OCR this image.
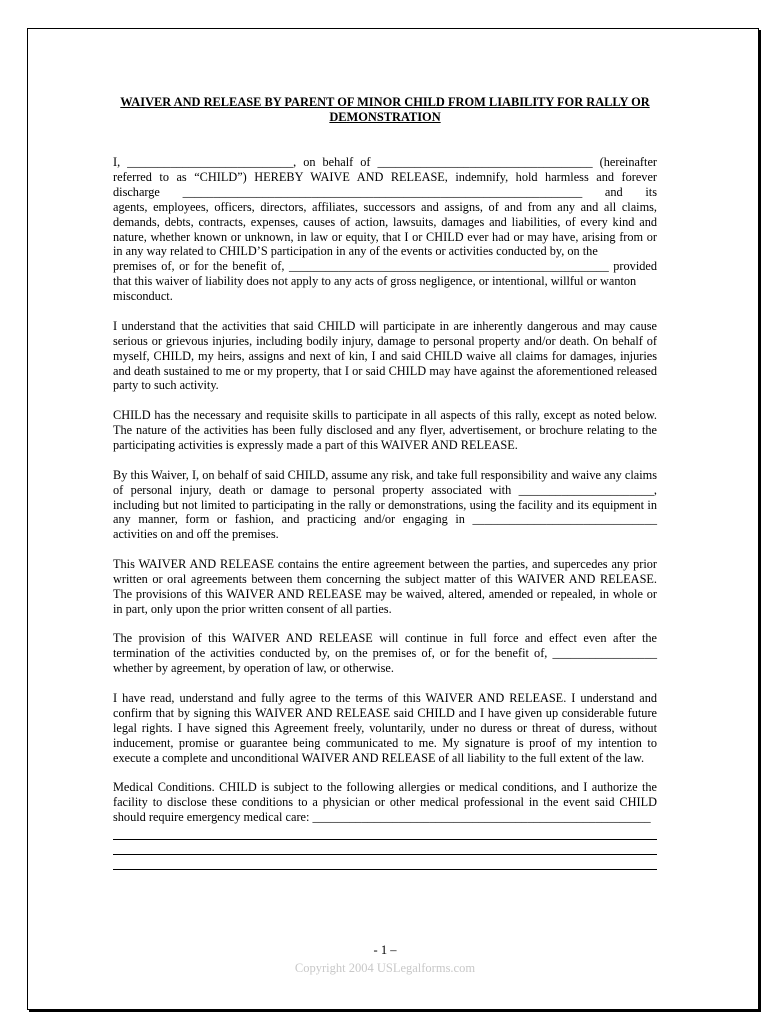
WAIVER AND RELEASE BY PARENT OF MINOR CHILD FROM LIABILITY FOR RALLY OR DEMONSTRATION

I, ___________________________, on behalf of ___________________________________ (hereinafter
referred to as “CHILD”) HEREBY WAIVE AND RELEASE, indemnify, hold harmless and forever
discharge _________________________________________________________________ and its
agents, employees, officers, directors, affiliates, successors and assigns, of and from any and all claims, demands, debts, contracts, expenses, causes of action, lawsuits, damages and liabilities, of every kind and nature, whether known or unknown, in law or equity, that I or CHILD ever had or may have, arising from or in any way related to CHILD’S participation in any of the events or activities conducted by, on the
premises of, or for the benefit of, ____________________________________________________ provided
that this waiver of liability does not apply to any acts of gross negligence, or intentional, willful or wanton misconduct.

I understand that the activities that said CHILD will participate in are inherently dangerous and may cause serious or grievous injuries, including bodily injury, damage to personal property and/or death. On behalf of myself, CHILD, my heirs, assigns and next of kin, I and said CHILD waive all claims for damages, injuries and death sustained to me or my property, that I or said CHILD may have against the aforementioned released party to such activity.

CHILD has the necessary and requisite skills to participate in all aspects of this rally, except as noted below. The nature of the activities has been fully disclosed and any flyer, advertisement, or brochure relating to the participating activities is expressly made a part of this WAIVER AND RELEASE.

By this Waiver, I, on behalf of said CHILD, assume any risk, and take full responsibility and waive any claims of personal injury, death or damage to personal property associated with ______________________, including but not limited to participating in the rally or demonstrations, using the facility and its equipment in any manner, form or fashion, and practicing and/or engaging in ______________________________ activities on and off the premises.

This WAIVER AND RELEASE contains the entire agreement between the parties, and supercedes any prior written or oral agreements between them concerning the subject matter of this WAIVER AND RELEASE. The provisions of this WAIVER AND RELEASE may be waived, altered, amended or repealed, in whole or in part, only upon the prior written consent of all parties.

The provision of this WAIVER AND RELEASE will continue in full force and effect even after the termination of the activities conducted by, on the premises of, or for the benefit of, _________________ whether by agreement, by operation of law, or otherwise.

I have read, understand and fully agree to the terms of this WAIVER AND RELEASE. I understand and confirm that by signing this WAIVER AND RELEASE said CHILD and I have given up considerable future legal rights. I have signed this Agreement freely, voluntarily, under no duress or threat of duress, without inducement, promise or guarantee being communicated to me. My signature is proof of my intention to execute a complete and unconditional WAIVER AND RELEASE of all liability to the full extent of the law.

Medical Conditions. CHILD is subject to the following allergies or medical conditions, and I authorize the facility to disclose these conditions to a physician or other medical professional in the event said CHILD should require emergency medical care: _______________________________________________________

- 1 –
Copyright 2004 USLegalforms.com
